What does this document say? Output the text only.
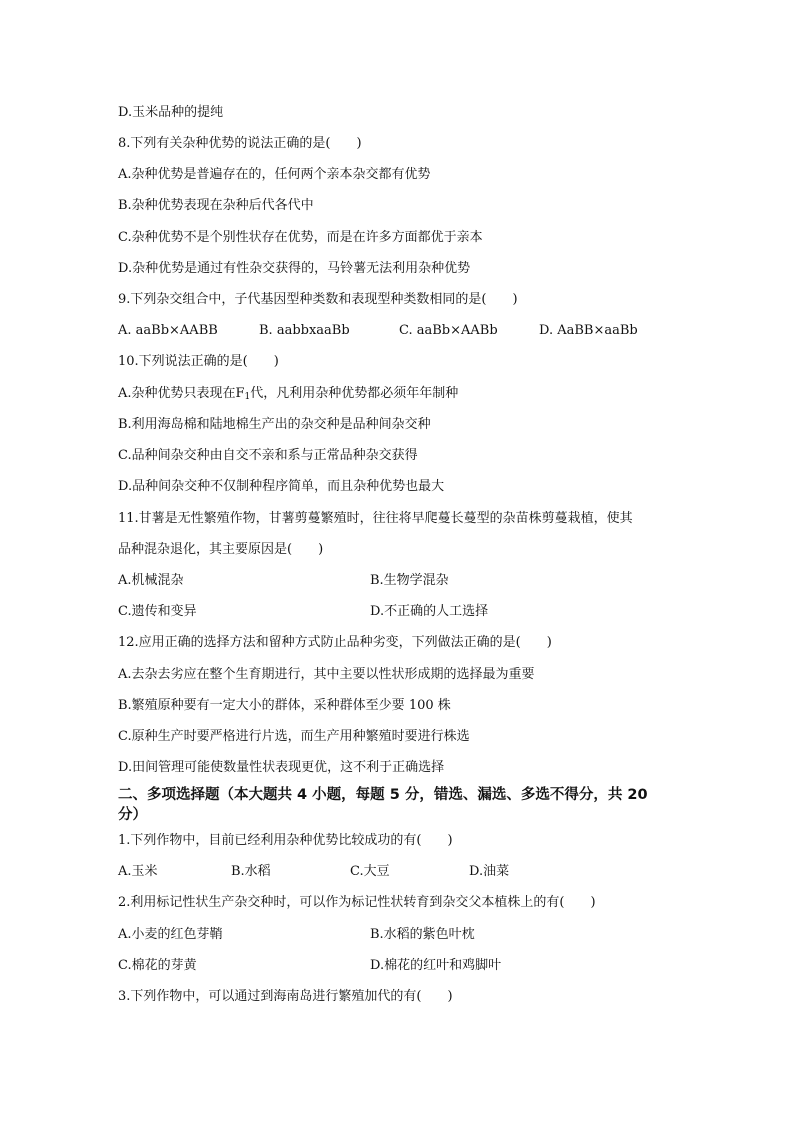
D.玉米品种的提纯
8.下列有关杂种优势的说法正确的是(　　)
A.杂种优势是普遍存在的，任何两个亲本杂交都有优势
B.杂种优势表现在杂种后代各代中
C.杂种优势不是个别性状存在优势，而是在许多方面都优于亲本
D.杂种优势是通过有性杂交获得的，马铃薯无法利用杂种优势
9.下列杂交组合中，子代基因型种类数和表现型种类数相同的是(　　)
A. aaBb×AABB	B. aabbxaaBb	C. aaBb×AABb	D. AaBB×aaBb
10.下列说法正确的是(　　)
A.杂种优势只表现在$F_1$代，凡利用杂种优势都必须年年制种
B.利用海岛棉和陆地棉生产出的杂交种是品种间杂交种
C.品种间杂交种由自交不亲和系与正常品种杂交获得
D.品种间杂交种不仅制种程序简单，而且杂种优势也最大
11.甘薯是无性繁殖作物，甘薯剪蔓繁殖时，往往将早爬蔓长蔓型的杂苗株剪蔓栽植，使其
品种混杂退化，其主要原因是(　　)
A.机械混杂	B.生物学混杂
C.遗传和变异	D.不正确的人工选择
12.应用正确的选择方法和留种方式防止品种劣变，下列做法正确的是(　　)
A.去杂去劣应在整个生育期进行，其中主要以性状形成期的选择最为重要
B.繁殖原种要有一定大小的群体，采种群体至少要 100 株
C.原种生产时要严格进行片选，而生产用种繁殖时要进行株选
D.田间管理可能使数量性状表现更优，这不利于正确选择
二、多项选择题（本大题共 4 小题，每题 5 分，错选、漏选、多选不得分，共 20
分）
1.下列作物中，目前已经利用杂种优势比较成功的有(　　)
A.玉米	B.水稻	C.大豆	D.油菜
2.利用标记性状生产杂交种时，可以作为标记性状转育到杂交父本植株上的有(　　)
A.小麦的红色芽鞘	B.水稻的紫色叶枕
C.棉花的芽黄	D.棉花的红叶和鸡脚叶
3.下列作物中，可以通过到海南岛进行繁殖加代的有(　　)
